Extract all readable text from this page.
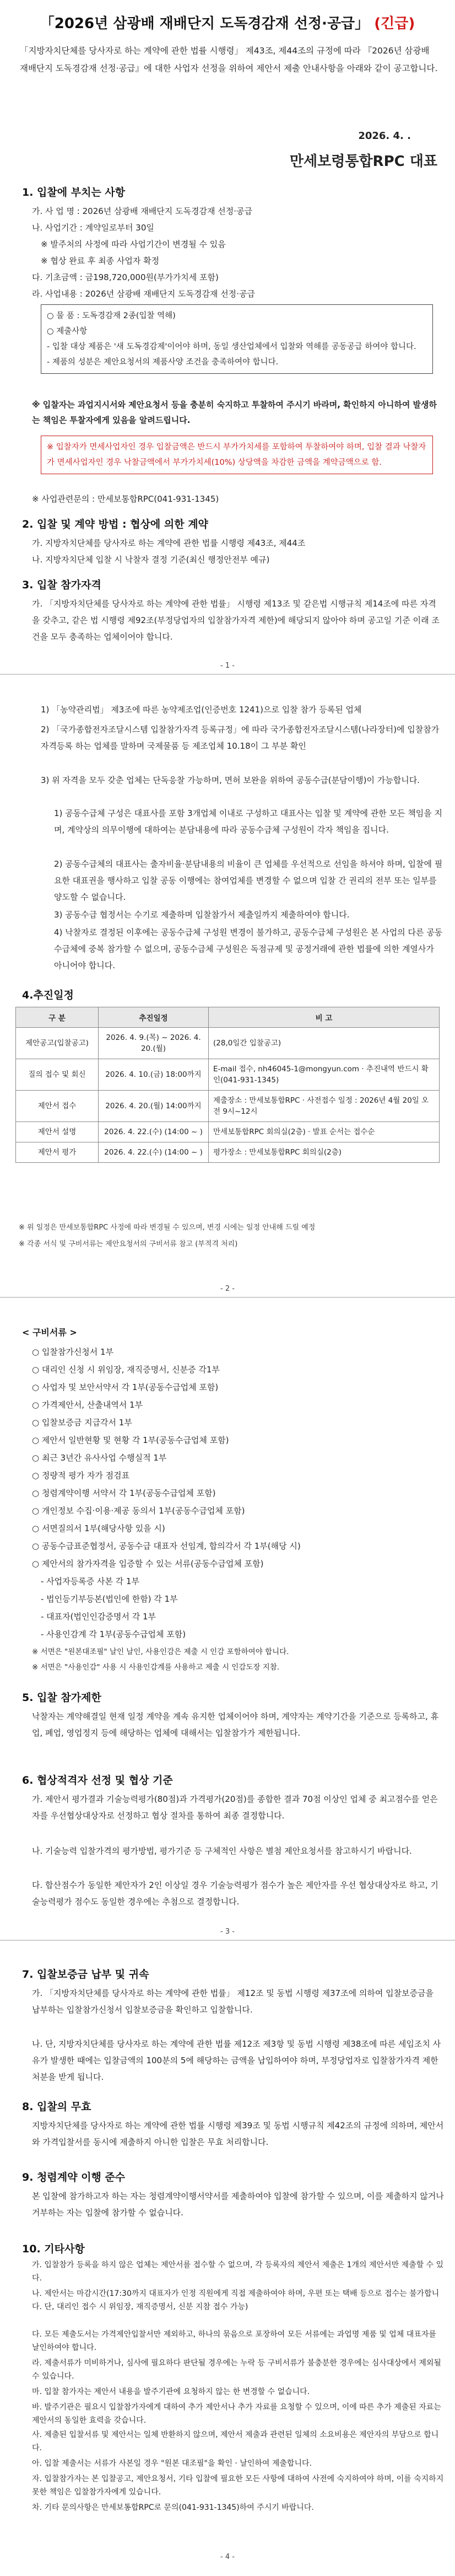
「2026년 삼광배 재배단지 도독경감재 선정·공급」 (긴급)
「지방자치단체를 당사자로 하는 계약에 관한 법률 시행령」 제43조, 제44조의 규정에 따라 『2026년 삼광배 재배단지 도독경감재 선정·공급』에 대한 사업자 선정을 위하여 제안서 제출 안내사항을 아래와 같이 공고합니다.
2026. 4. .
만세보령통합RPC 대표
1. 입찰에 부치는 사항
가. 사 업 명 : 2026년 삼광배 재배단지 도독경감재 선정·공급
나. 사업기간 : 계약일로부터 30일
※ 발주처의 사정에 따라 사업기간이 변경될 수 있음
※ 협상 완료 후 최종 사업자 확정
다. 기초금액 : 금198,720,000원(부가가치세 포함)
라. 사업내용 : 2026년 삼광배 재배단지 도독경감재 선정·공급
○ 물 품 : 도독경감재 2종(입찰 역해)
○ 제출사항
- 입찰 대상 제품은 '새 도독경감제'이어야 하며, 동일 생산업체에서 입찰와 역해를 공동공급 하여야 합니다.
- 제품의 성분은 제안요청서의 제품사양 조건을 충족하여야 합니다.
※ 입찰자는 과업지시서와 제안요청서 등을 충분히 숙지하고 투찰하여 주시기 바라며, 확인하지 아니하여 발생하는 책임은 투찰자에게 있음을 알려드립니다.
※ 입찰자가 면세사업자인 경우 입찰금액은 반드시 부가가치세를 포함하여 투찰하여야 하며, 입찰 결과 낙찰자가 면세사업자인 경우 낙찰금액에서 부가가치세(10%) 상당액을 차감한 금액을 계약금액으로 함.
※ 사업관련문의 : 만세보통합RPC(041-931-1345)
2. 입찰 및 계약 방법 : 협상에 의한 계약
가. 지방자치단체를 당사자로 하는 계약에 관한 법률 시행령 제43조, 제44조
나. 지방자치단체 입찰 시 낙찰자 결정 기준(최신 행정안전부 예규)
3. 입찰 참가자격
가. 「지방자치단체를 당사자로 하는 계약에 관한 법률」 시행령 제13조 및 같은법 시행규칙 제14조에 따른 자격을 갖추고, 같은 법 시행령 제92조(부정당업자의 입찰참가자격 제한)에 해당되지 않아야 하며 공고일 기준 이래 조건을 모두 충족하는 업체이어야 합니다.
- 1 -
1) 「농약관리법」 제3조에 따른 농약제조업(인증번호 1241)으로 입찰 참가 등록된 업체
2) 「국가종합전자조달시스템 입찰참가자격 등록규정」에 따라 국가종합전자조달시스템(나라장터)에 입찰참가자격등록 하는 업체를 말하며 국제물품 등 제조업체 10.18이 그 부분 확인
3) 위 자격을 모두 갖춘 업체는 단독응찰 가능하며, 면허 보완을 위하여 공동수급(분담이행)이 가능합니다.
1) 공동수급체 구성은 대표사를 포함 3개업체 이내로 구성하고 대표사는 입찰 및 계약에 관한 모든 책임을 지며, 계약상의 의무이행에 대하여는 분담내용에 따라 공동수급체 구성원이 각자 책임을 집니다.
2) 공동수급체의 대표사는 출자비율·분담내용의 비율이 큰 업체를 우선적으로 선임을 하셔야 하며, 입찰에 필요한 대표권을 행사하고 입찰 공동 이행에는 참여업체를 변경할 수 없으며 입찰 간 권리의 전부 또는 일부를 양도할 수 없습니다.
3) 공동수급 협정서는 수기로 제출하며 입찰참가서 제출일까지 제출하여야 합니다.
4) 낙찰자로 결정된 이후에는 공동수급체 구성원 변경이 불가하고, 공동수급체 구성원은 본 사업의 다른 공동수급체에 중복 참가할 수 없으며, 공동수급체 구성원은 독점규제 및 공정거래에 관한 법률에 의한 계열사가 아니어야 합니다.
4.추진일정
구 분	추진일정	비 고
제안공고(입찰공고)	2026. 4. 9.(목) ~ 2026. 4. 20.(월)	(28,0일간 입찰공고)
질의 접수 및 회신	2026. 4. 10.(금) 18:00까지	E-mail 접수, nh46045-1@mongyun.com · 추진내역 반드시 확인(041-931-1345)
제안서 접수	2026. 4. 20.(월) 14:00까지	제출장소 : 만세보통합RPC · 사전접수 일정 : 2026년 4월 20일 오전 9시~12시
제안서 설명	2026. 4. 22.(수) (14:00 ~ )	만세보통합RPC 회의실(2층) · 발표 순서는 접수순
제안서 평가	2026. 4. 22.(수) (14:00 ~ )	평가장소 : 만세보통합RPC 회의실(2층)
※ 위 일정은 만세보통합RPC 사정에 따라 변경될 수 있으며, 변경 시에는 일정 안내해 드릴 예정
※ 각종 서식 및 구비서류는 제안요청서의 구비서류 참고 (부적격 처리)
- 2 -
< 구비서류 >
○ 입찰참가신청서 1부
○ 대리인 신청 시 위임장, 재직증명서, 신분증 각1부
○ 사업자 및 보안서약서 각 1부(공동수급업체 포함)
○ 가격제안서, 산출내역서 1부
○ 입찰보증금 지급각서 1부
○ 제안서 일반현황 및 현황 각 1부(공동수급업체 포함)
○ 최근 3년간 유사사업 수행실적 1부
○ 정량적 평가 자가 점검표
○ 청렴계약이행 서약서 각 1부(공동수급업체 포함)
○ 개인정보 수집·이용·제공 동의서 1부(공동수급업체 포함)
○ 서면질의서 1부(해당사항 있을 시)
○ 공동수급표준협정서, 공동수급 대표자 선임계, 합의각서 각 1부(해당 시)
○ 제안서의 참가자격을 입증할 수 있는 서류(공동수급업체 포함)
- 사업자등록증 사본 각 1부
- 법인등기부등본(법인에 한함) 각 1부
- 대표자(법인인감증명서 각 1부
- 사용인감계 각 1부(공동수급업체 포함)
※ 서면은 "원본대조필" 날인 날인, 사용인감은 제출 시 인감 포함하여야 합니다.
※ 서면은 "사용인감" 사용 시 사용인감계를 사용하고 제출 시 인감도장 지참.
5. 입찰 참가제한
낙찰자는 계약해결일 현재 일정 계약을 계속 유지한 업체이어야 하며, 계약자는 계약기간을 기준으로 등록하고, 휴업, 폐업, 영업정지 등에 해당하는 업체에 대해서는 입찰참가가 제한됩니다.
6. 협상적격자 선정 및 협상 기준
가. 제안서 평가결과 기술능력평가(80점)과 가격평가(20점)를 종합한 결과 70점 이상인 업체 중 최고점수를 얻은 자를 우선협상대상자로 선정하고 협상 절차를 통하여 최종 결정합니다.
나. 기술능력 입찰가격의 평가방법, 평가기준 등 구체적인 사항은 별첨 제안요청서를 참고하시기 바랍니다.
다. 합산점수가 동일한 제안자가 2인 이상일 경우 기술능력평가 점수가 높은 제안자를 우선 협상대상자로 하고, 기술능력평가 점수도 동일한 경우에는 추첨으로 결정합니다.
- 3 -
7. 입찰보증금 납부 및 귀속
가. 「지방자치단체를 당사자로 하는 계약에 관한 법률」 제12조 및 동법 시행령 제37조에 의하여 입찰보증금을 납부하는 입찰참가신청서 입찰보증금을 확인하고 입찰합니다.
나. 단, 지방자치단체를 당사자로 하는 계약에 관한 법률 제12조 제3항 및 동법 시행령 제38조에 따른 세입조치 사유가 발생한 때에는 입찰금액의 100분의 5에 해당하는 금액을 납입하여야 하며, 부정당업자로 입찰참가자격 제한 처분을 받게 됩니다.
8. 입찰의 무효
지방자치단체를 당사자로 하는 계약에 관한 법률 시행령 제39조 및 동법 시행규칙 제42조의 규정에 의하며, 제안서와 가격입찰서를 동시에 제출하지 아니한 입찰은 무효 처리합니다.
9. 청렴계약 이행 준수
본 입찰에 참가하고자 하는 자는 청렴계약이행서약서를 제출하여야 입찰에 참가할 수 있으며, 이를 제출하지 않거나 거부하는 자는 입찰에 참가할 수 없습니다.
10. 기타사항
가. 입찰참가 등록을 하지 않은 업체는 제안서를 접수할 수 없으며, 각 등록자의 제안서 제출은 1개의 제안서만 제출할 수 있다.
나. 제안서는 마감시간(17:30까지 대표자가 인정 직원에게 직접 제출하여야 하며, 우편 또는 택배 등으로 접수는 불가합니다. 단, 대리인 접수 시 위임장, 재직증명서, 신분 지참 접수 가능)
다. 모든 제출도서는 가격제안입찰서만 제외하고, 하나의 묶음으로 포장하여 모든 서류에는 과업명 제품 및 업체 대표자를 날인하여야 합니다.
라. 제출서류가 미비하거나, 심사에 필요하다 판단될 경우에는 누락 등 구비서류가 불충분한 경우에는 심사대상에서 제외될 수 있습니다.
마. 입찰 참가자는 제안서 내용을 발주기관에 요청하지 않는 한 변경할 수 없습니다.
바. 발주기관은 필요시 입찰참가자에게 대하여 추가 제안서나 추가 자료를 요청할 수 있으며, 이에 따른 추가 제출된 자료는 제안서의 동일한 효력을 갖습니다.
사. 제출된 입찰서류 및 제안서는 일체 반환하지 않으며, 제안서 제출과 관련된 일체의 소요비용은 제안자의 부담으로 합니다.
아. 입찰 제출서는 서류가 사본일 경우 "원본 대조필"을 확인 · 날인하여 제출합니다.
자. 입찰참가자는 본 입찰공고, 제안요청서, 기타 입찰에 필요한 모든 사항에 대하여 사전에 숙지하여야 하며, 이를 숙지하지 못한 책임은 입찰참가자에게 있습니다.
차. 기타 문의사항은 만세보통합RPC로 문의(041-931-1345)하여 주시기 바랍니다.
- 4 -
